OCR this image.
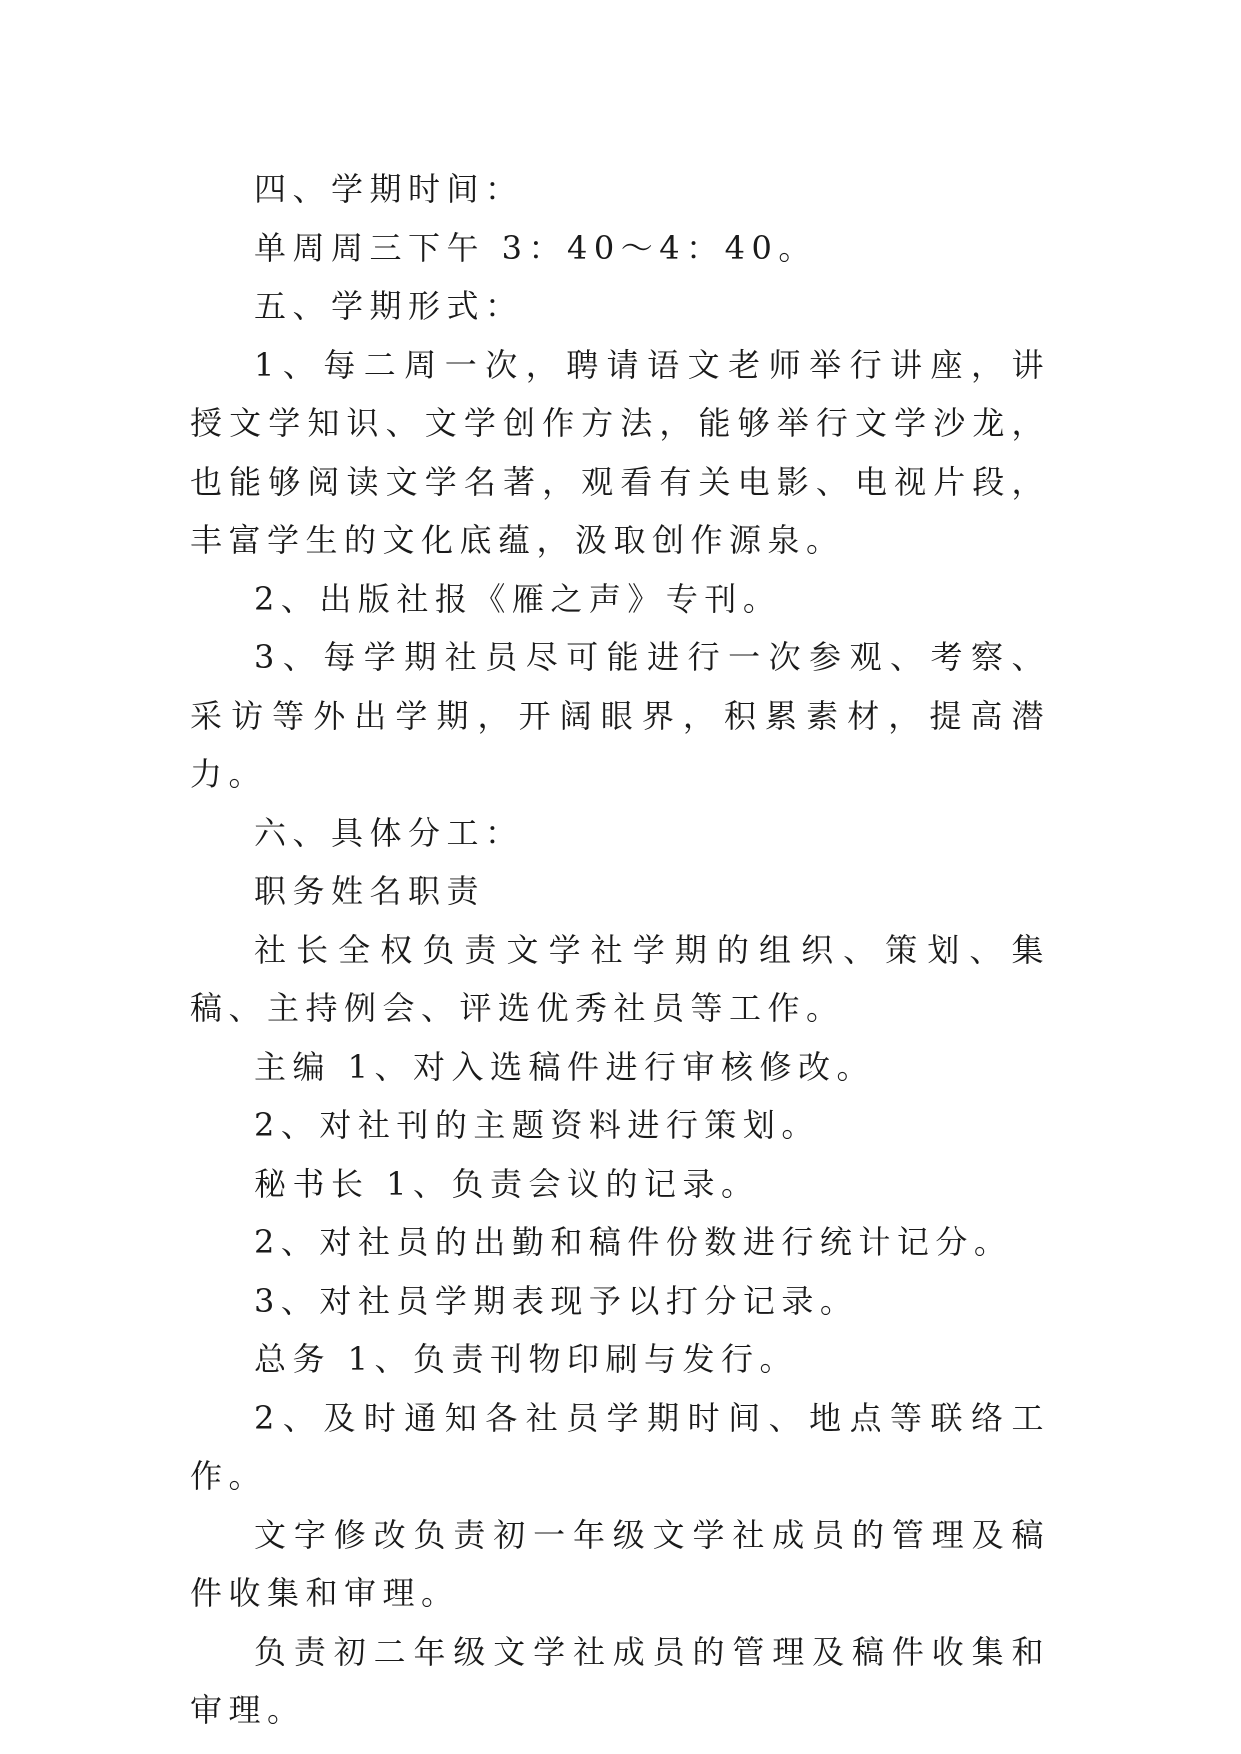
四、学期时间：

单周周三下午 3：40～4：40。

五、学期形式：

1、每二周一次，聘请语文老师举行讲座，讲授文学知识、文学创作方法，能够举行文学沙龙，也能够阅读文学名著，观看有关电影、电视片段，丰富学生的文化底蕴，汲取创作源泉。

2、出版社报《雁之声》专刊。

3、每学期社员尽可能进行一次参观、考察、采访等外出学期，开阔眼界，积累素材，提高潜力。

六、具体分工：

职务姓名职责

社长全权负责文学社学期的组织、策划、集稿、主持例会、评选优秀社员等工作。

主编 1、对入选稿件进行审核修改。

2、对社刊的主题资料进行策划。

秘书长 1、负责会议的记录。

2、对社员的出勤和稿件份数进行统计记分。

3、对社员学期表现予以打分记录。

总务 1、负责刊物印刷与发行。

2、及时通知各社员学期时间、地点等联络工作。

文字修改负责初一年级文学社成员的管理及稿件收集和审理。

负责初二年级文学社成员的管理及稿件收集和审理。
